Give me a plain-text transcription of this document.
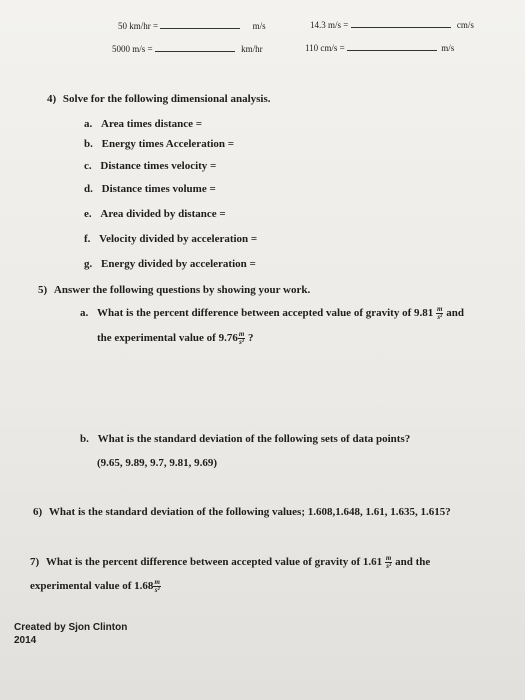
50 km/hr =	m/s	14.3 m/s =	cm/s
5000 m/s =	km/hr	110 cm/s =	m/s
4) Solve for the following dimensional analysis.
a. Area times distance =
b. Energy times Acceleration =
c. Distance times velocity =
d. Distance times volume =
e. Area divided by distance =
f. Velocity divided by acceleration =
g. Energy divided by acceleration =
5) Answer the following questions by showing your work.
a. What is the percent difference between accepted value of gravity of $9.81 \frac{m}{\text{s²}}$ and
the experimental value of $9.76 \frac{m}{\text{s²}}$ ?
b. What is the standard deviation of the following sets of data points?
(9.65, 9.89, 9.7, 9.81, 9.69)
6) What is the standard deviation of the following values; 1.608,1.648, 1.61, 1.635, 1.615?
7) What is the percent difference between accepted value of gravity of $1.61 \frac{m}{\text{s²}}$ and the
experimental value of $1.68 \frac{m}{\text{s²}}$
Created by Sjon Clinton
2014
